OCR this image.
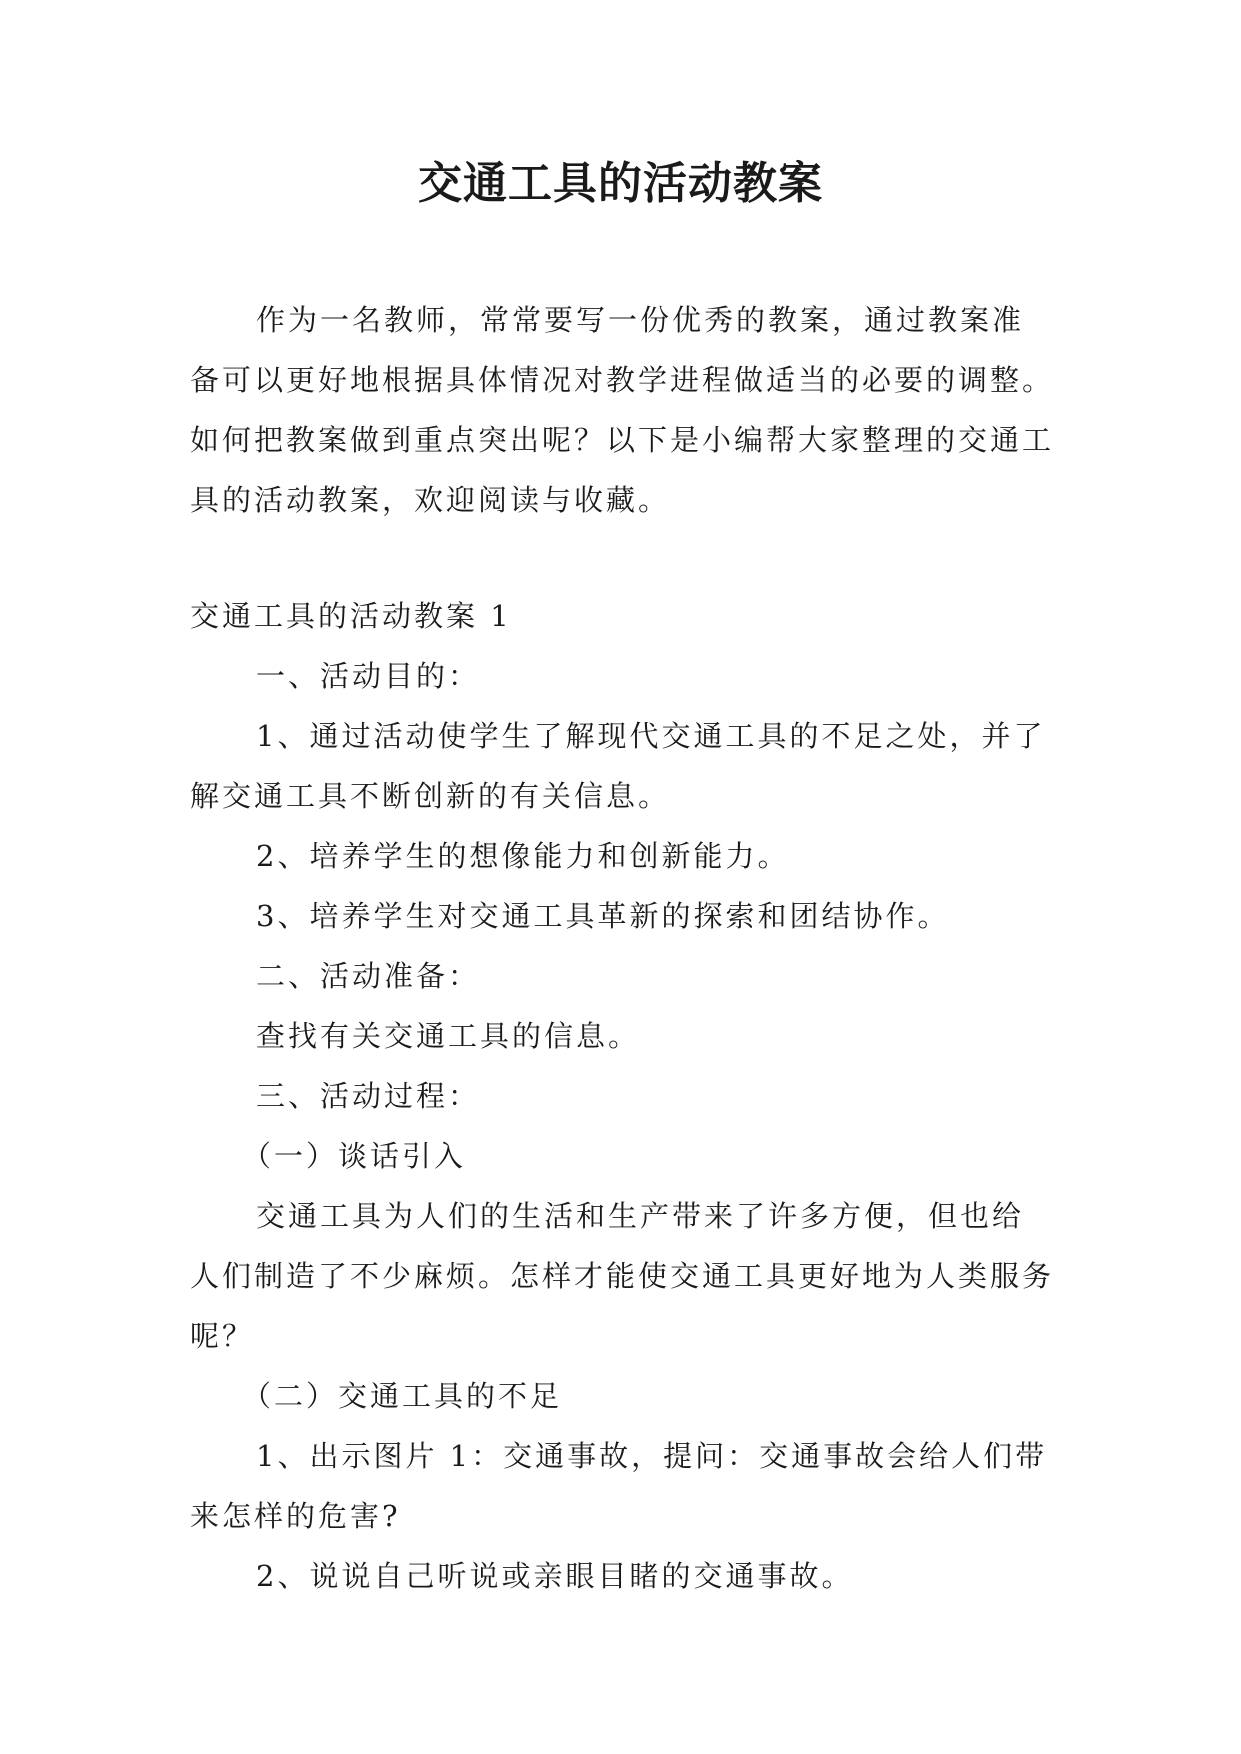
交通工具的活动教案

作为一名教师，常常要写一份优秀的教案，通过教案准备可以更好地根据具体情况对教学进程做适当的必要的调整。如何把教案做到重点突出呢？以下是小编帮大家整理的交通工具的活动教案，欢迎阅读与收藏。

交通工具的活动教案 1

一、活动目的：

1、通过活动使学生了解现代交通工具的不足之处，并了解交通工具不断创新的有关信息。

2、培养学生的想像能力和创新能力。

3、培养学生对交通工具革新的探索和团结协作。

二、活动准备：

查找有关交通工具的信息。

三、活动过程：

（一）谈话引入

交通工具为人们的生活和生产带来了许多方便，但也给人们制造了不少麻烦。怎样才能使交通工具更好地为人类服务呢？

（二）交通工具的不足

1、出示图片 1：交通事故，提问：交通事故会给人们带来怎样的危害?

2、说说自己听说或亲眼目睹的交通事故。
